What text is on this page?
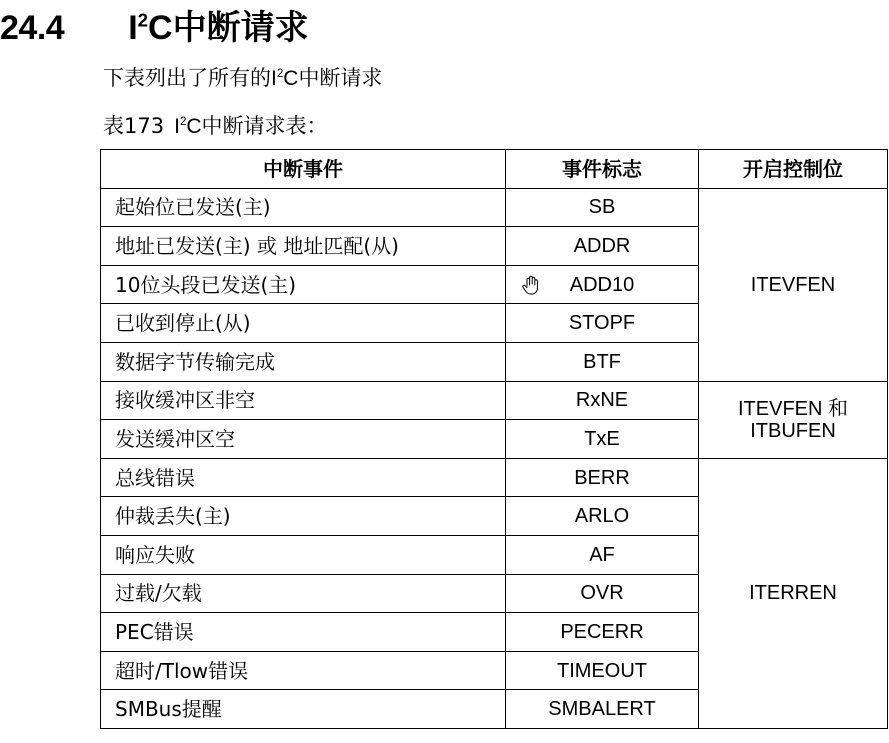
24.4 $I^2C$中断请求
下表列出了所有的$I^2C$中断请求
表173 $I^2C$中断请求表：
中断事件	事件标志	开启控制位
起始位已发送(主)	SB	ITEVFEN
地址已发送(主) 或 地址匹配(从)	ADDR	
10位头段已发送(主)	ADD10	
已收到停止(从)	STOPF	
数据字节传输完成	BTF	
接收缓冲区非空	RxNE	ITEVFEN 和
ITBUFEN

发送缓冲区空	TxE	
总线错误	BERR	ITERREN
仲裁丢失(主)	ARLO	
响应失败	AF	
过载/欠载	OVR	
PEC错误	PECERR	
超时/Tlow错误	TIMEOUT	
SMBus提醒	SMBALERT	
